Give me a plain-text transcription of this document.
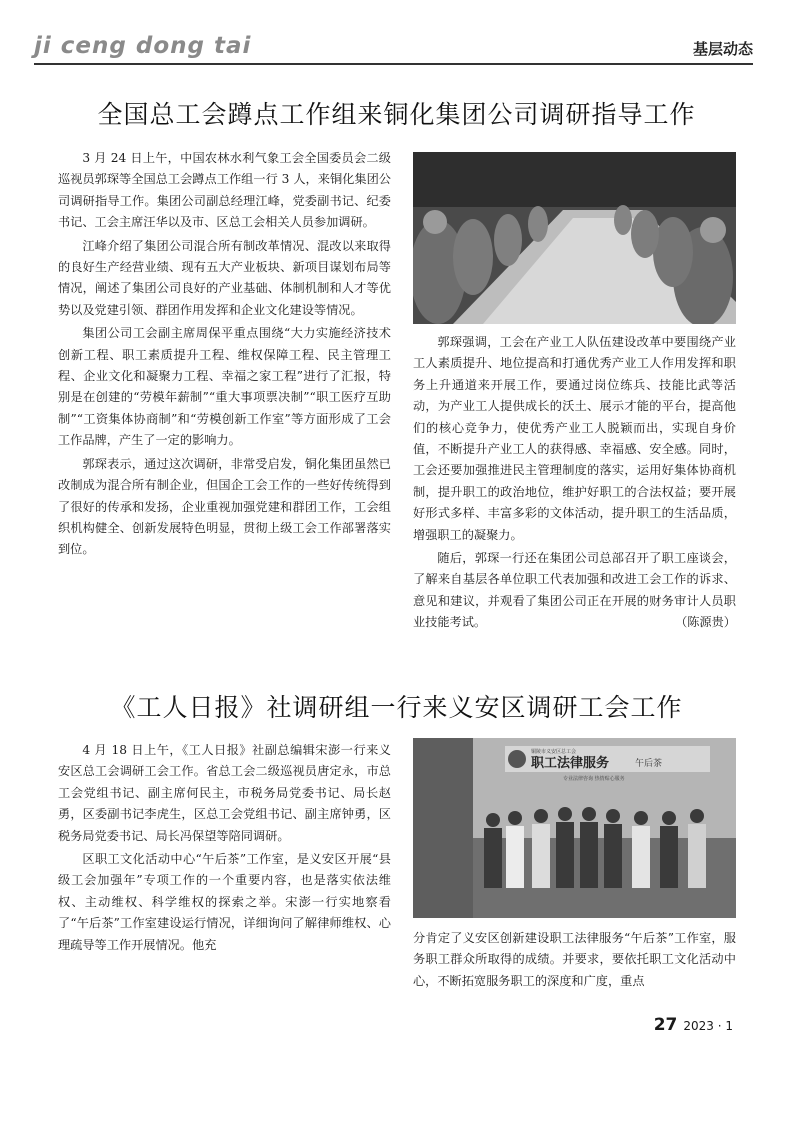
ji ceng dong tai	基层动态
全国总工会蹲点工作组来铜化集团公司调研指导工作

3 月 24 日上午，中国农林水利气象工会全国委员会二级巡视员郭琛等全国总工会蹲点工作组一行 3 人，来铜化集团公司调研指导工作。集团公司副总经理江峰，党委副书记、纪委书记、工会主席汪华以及市、区总工会相关人员参加调研。

江峰介绍了集团公司混合所有制改革情况、混改以来取得的良好生产经营业绩、现有五大产业板块、新项目谋划布局等情况，阐述了集团公司良好的产业基础、体制机制和人才等优势以及党建引领、群团作用发挥和企业文化建设等情况。

集团公司工会副主席周保平重点围绕“大力实施经济技术创新工程、职工素质提升工程、维权保障工程、民主管理工程、企业文化和凝聚力工程、幸福之家工程”进行了汇报，特别是在创建的“劳模年薪制”“重大事项票决制”“职工医疗互助制”“工资集体协商制”和“劳模创新工作室”等方面形成了工会工作品牌，产生了一定的影响力。

郭琛表示，通过这次调研，非常受启发，铜化集团虽然已改制成为混合所有制企业，但国企工会工作的一些好传统得到了很好的传承和发扬，企业重视加强党建和群团工作，工会组织机构健全、创新发展特色明显，贯彻上级工会工作部署落实到位。

郭琛强调，工会在产业工人队伍建设改革中要围绕产业工人素质提升、地位提高和打通优秀产业工人作用发挥和职务上升通道来开展工作，要通过岗位练兵、技能比武等活动，为产业工人提供成长的沃土、展示才能的平台，提高他们的核心竞争力，使优秀产业工人脱颖而出，实现自身价值，不断提升产业工人的获得感、幸福感、安全感。同时，工会还要加强推进民主管理制度的落实，运用好集体协商机制，提升职工的政治地位，维护好职工的合法权益；要开展好形式多样、丰富多彩的文体活动，提升职工的生活品质，增强职工的凝聚力。

随后，郭琛一行还在集团公司总部召开了职工座谈会，了解来自基层各单位职工代表加强和改进工会工作的诉求、意见和建议，并观看了集团公司正在开展的财务审计人员职业技能考试。	（陈源贵）

《工人日报》社调研组一行来义安区调研工会工作

4 月 18 日上午，《工人日报》社副总编辑宋澎一行来义安区总工会调研工会工作。省总工会二级巡视员唐定永，市总工会党组书记、副主席何民主，市税务局党委书记、局长赵勇，区委副书记李虎生，区总工会党组书记、副主席钟勇，区税务局党委书记、局长冯保望等陪同调研。

区职工文化活动中心“午后茶”工作室，是义安区开展“县级工会加强年”专项工作的一个重要内容，也是落实依法维权、主动维权、科学维权的探索之举。宋澎一行实地察看了“午后茶”工作室建设运行情况，详细询问了解律师维权、心理疏导等工作开展情况。他充

铜陵市义安区总工会
职工法律服务	午后茶
专业法律咨询 热情贴心服务

分肯定了义安区创新建设职工法律服务“午后茶”工作室，服务职工群众所取得的成绩。并要求，要依托职工文化活动中心，不断拓宽服务职工的深度和广度，重点

27 2023 · 1
